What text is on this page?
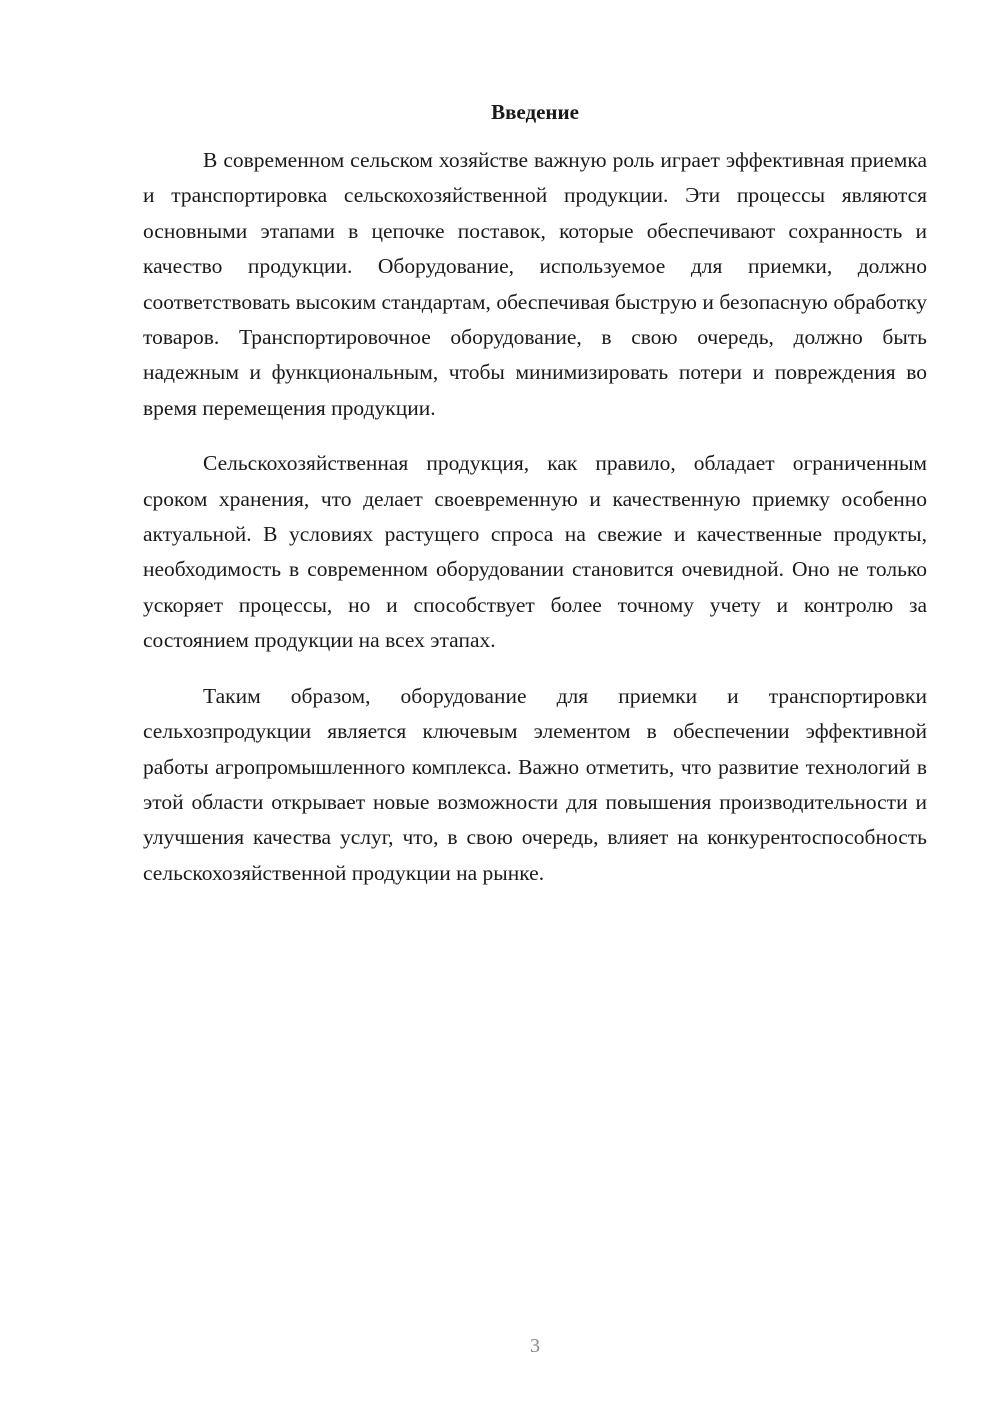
Введение

В современном сельском хозяйстве важную роль играет эффективная приемка и транспортировка сельскохозяйственной продукции. Эти процессы являются основными этапами в цепочке поставок, которые обеспечивают сохранность и качество продукции. Оборудование, используемое для приемки, должно соответствовать высоким стандартам, обеспечивая быструю и безопасную обработку товаров. Транспортировочное оборудование, в свою очередь, должно быть надежным и функциональным, чтобы минимизировать потери и повреждения во время перемещения продукции.

Сельскохозяйственная продукция, как правило, обладает ограниченным сроком хранения, что делает своевременную и качественную приемку особенно актуальной. В условиях растущего спроса на свежие и качественные продукты, необходимость в современном оборудовании становится очевидной. Оно не только ускоряет процессы, но и способствует более точному учету и контролю за состоянием продукции на всех этапах.

Таким образом, оборудование для приемки и транспортировки сельхозпродукции является ключевым элементом в обеспечении эффективной работы агропромышленного комплекса. Важно отметить, что развитие технологий в этой области открывает новые возможности для повышения производительности и улучшения качества услуг, что, в свою очередь, влияет на конкурентоспособность сельскохозяйственной продукции на рынке.

3
